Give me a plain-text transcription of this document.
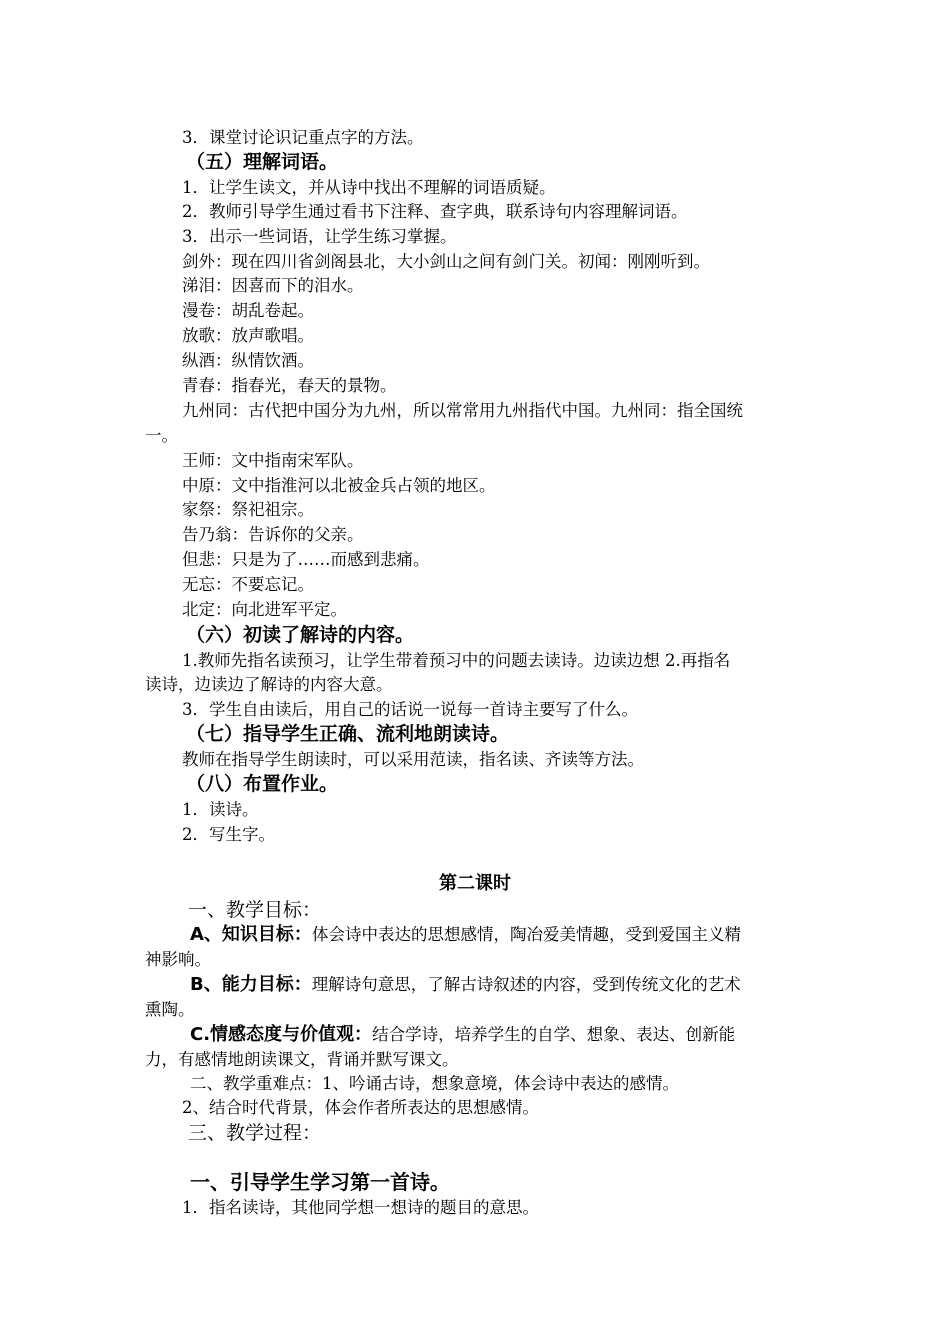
3．课堂讨论识记重点字的方法。
（五）理解词语。
1．让学生读文，并从诗中找出不理解的词语质疑。
2．教师引导学生通过看书下注释、查字典，联系诗句内容理解词语。
3．出示一些词语，让学生练习掌握。
剑外：现在四川省剑阁县北，大小剑山之间有剑门关。初闻：刚刚听到。
涕泪：因喜而下的泪水。
漫卷：胡乱卷起。
放歌：放声歌唱。
纵酒：纵情饮酒。
青春：指春光，春天的景物。
九州同：古代把中国分为九州，所以常常用九州指代中国。九州同：指全国统
一。
王师：文中指南宋军队。
中原：文中指淮河以北被金兵占领的地区。
家祭：祭祀祖宗。
告乃翁：告诉你的父亲。
但悲：只是为了……而感到悲痛。
无忘：不要忘记。
北定：向北进军平定。
（六）初读了解诗的内容。
1.教师先指名读预习，让学生带着预习中的问题去读诗。边读边想 2.再指名
读诗，边读边了解诗的内容大意。
3．学生自由读后，用自己的话说一说每一首诗主要写了什么。
（七）指导学生正确、流利地朗读诗。
教师在指导学生朗读时，可以采用范读，指名读、齐读等方法。
（八）布置作业。
1．读诗。
2．写生字。
第二课时
一、教学目标：
A、知识目标：体会诗中表达的思想感情，陶冶爱美情趣，受到爱国主义精
神影响。
B、能力目标：理解诗句意思，了解古诗叙述的内容，受到传统文化的艺术
熏陶。
C.情感态度与价值观：结合学诗，培养学生的自学、想象、表达、创新能
力，有感情地朗读课文，背诵并默写课文。
二、教学重难点：1、吟诵古诗，想象意境，体会诗中表达的感情。
2、结合时代背景，体会作者所表达的思想感情。
三、教学过程：
一、引导学生学习第一首诗。
1．指名读诗，其他同学想一想诗的题目的意思。
